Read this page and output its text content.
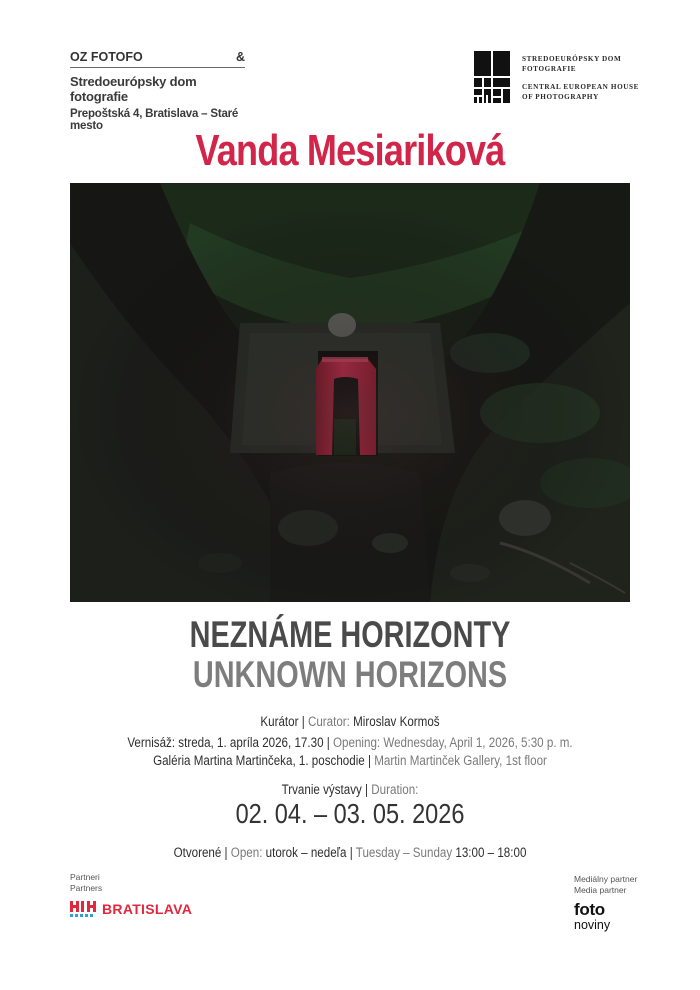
OZ FOTOFO	&
Stredoeurópsky dom fotografie
Prepoštská 4, Bratislava – Staré mesto
STREDOEURÓPSKY DOM
FOTOGRAFIE
CENTRAL EUROPEAN HOUSE
OF PHOTOGRAPHY
Vanda Mesiariková
NEZNÁME HORIZONTY
UNKNOWN HORIZONS
Kurátor | Curator: Miroslav Kormoš
Vernisáž: streda, 1. apríla 2026, 17.30 | Opening: Wednesday, April 1, 2026, 5:30 p. m.
Galéria Martina Martinčeka, 1. poschodie | Martin Martinček Gallery, 1st floor
Trvanie výstavy | Duration:
02. 04. – 03. 05. 2026
Otvorené | Open: utorok – nedeľa | Tuesday – Sunday 13:00 – 18:00
Partneri
Partners
BRATISLAVA
Mediálny partner
Media partner
foto
noviny
